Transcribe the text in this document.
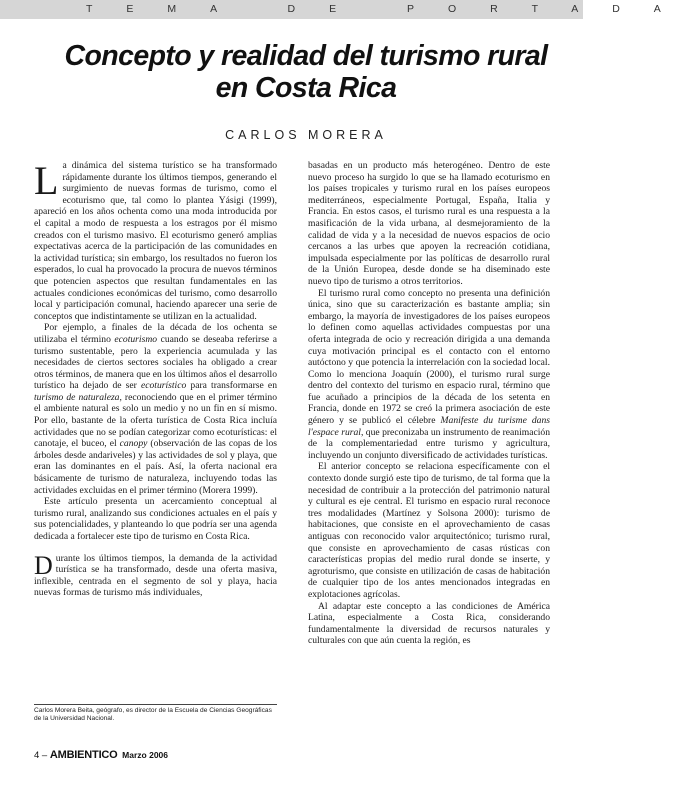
TEMA DE PORTADA
Concepto y realidad del turismo rural
en Costa Rica
CARLOS MORERA

La dinámica del sistema turístico se ha transformado rápidamente durante los últimos tiempos, generando el surgimiento de nuevas formas de turismo, como el ecoturismo que, tal como lo plantea Yásigi (1999), apareció en los años ochenta como una moda introducida por el capital a modo de respuesta a los estragos por él mismo creados con el turismo masivo. El ecoturismo generó amplias expectativas acerca de la participación de las comunidades en la actividad turística; sin embargo, los resultados no fueron los esperados, lo cual ha provocado la procura de nuevos términos que potencien aspectos que resultan fundamentales en las actuales condiciones económicas del turismo, como desarrollo local y participación comunal, haciendo aparecer una serie de conceptos que indistintamente se utilizan en la actualidad.

Por ejemplo, a finales de la década de los ochenta se utilizaba el término ecoturismo cuando se deseaba referirse a turismo sustentable, pero la experiencia acumulada y las necesidades de ciertos sectores sociales ha obligado a crear otros términos, de manera que en los últimos años el desarrollo turístico ha dejado de ser ecoturístico para transformarse en turismo de naturaleza, reconociendo que en el primer término el ambiente natural es solo un medio y no un fin en sí mismo. Por ello, bastante de la oferta turística de Costa Rica incluía actividades que no se podían categorizar como ecoturísticas: el canotaje, el buceo, el canopy (observación de las copas de los árboles desde andariveles) y las actividades de sol y playa, que eran las dominantes en el país. Así, la oferta nacional era básicamente de turismo de naturaleza, incluyendo todas las actividades excluidas en el primer término (Morera 1999).

Este artículo presenta un acercamiento conceptual al turismo rural, analizando sus condiciones actuales en el país y sus potencialidades, y planteando lo que podría ser una agenda dedicada a fortalecer este tipo de turismo en Costa Rica.

Durante los últimos tiempos, la demanda de la actividad turística se ha transformado, desde una oferta masiva, inflexible, centrada en el segmento de sol y playa, hacia nuevas formas de turismo más individuales,

basadas en un producto más heterogéneo. Dentro de este nuevo proceso ha surgido lo que se ha llamado ecoturismo en los países tropicales y turismo rural en los países europeos mediterráneos, especialmente Portugal, España, Italia y Francia. En estos casos, el turismo rural es una respuesta a la masificación de la vida urbana, al desmejoramiento de la calidad de vida y a la necesidad de nuevos espacios de ocio cercanos a las urbes que apoyen la recreación cotidiana, impulsada especialmente por las políticas de desarrollo rural de la Unión Europea, desde donde se ha diseminado este nuevo tipo de turismo a otros territorios.

El turismo rural como concepto no presenta una definición única, sino que su caracterización es bastante amplia; sin embargo, la mayoría de investigadores de los países europeos lo definen como aquellas actividades compuestas por una oferta integrada de ocio y recreación dirigida a una demanda cuya motivación principal es el contacto con el entorno autóctono y que potencia la interrelación con la sociedad local. Como lo menciona Joaquín (2000), el turismo rural surge dentro del contexto del turismo en espacio rural, término que fue acuñado a principios de la década de los setenta en Francia, donde en 1972 se creó la primera asociación de este género y se publicó el célebre Manifeste du turisme dans l'espace rural, que preconizaba un instrumento de reanimación de la complementariedad entre turismo y agricultura, incluyendo un conjunto diversificado de actividades turísticas.

El anterior concepto se relaciona específicamente con el contexto donde surgió este tipo de turismo, de tal forma que la necesidad de contribuir a la protección del patrimonio natural y cultural es eje central. El turismo en espacio rural reconoce tres modalidades (Martínez y Solsona 2000): turismo de habitaciones, que consiste en el aprovechamiento de casas antiguas con reconocido valor arquitectónico; turismo rural, que consiste en aprovechamiento de casas rústicas con características propias del medio rural donde se inserte, y agroturismo, que consiste en utilización de casas de habitación de cualquier tipo de los antes mencionados integradas en explotaciones agrícolas.

Al adaptar este concepto a las condiciones de América Latina, especialmente a Costa Rica, considerando fundamentalmente la diversidad de recursos naturales y culturales con que aún cuenta la región, es

Carlos Morera Beita, geógrafo, es director de la Escuela de Ciencias Geográficas de la Universidad Nacional.
4 – AMBIENTICO Marzo 2006
